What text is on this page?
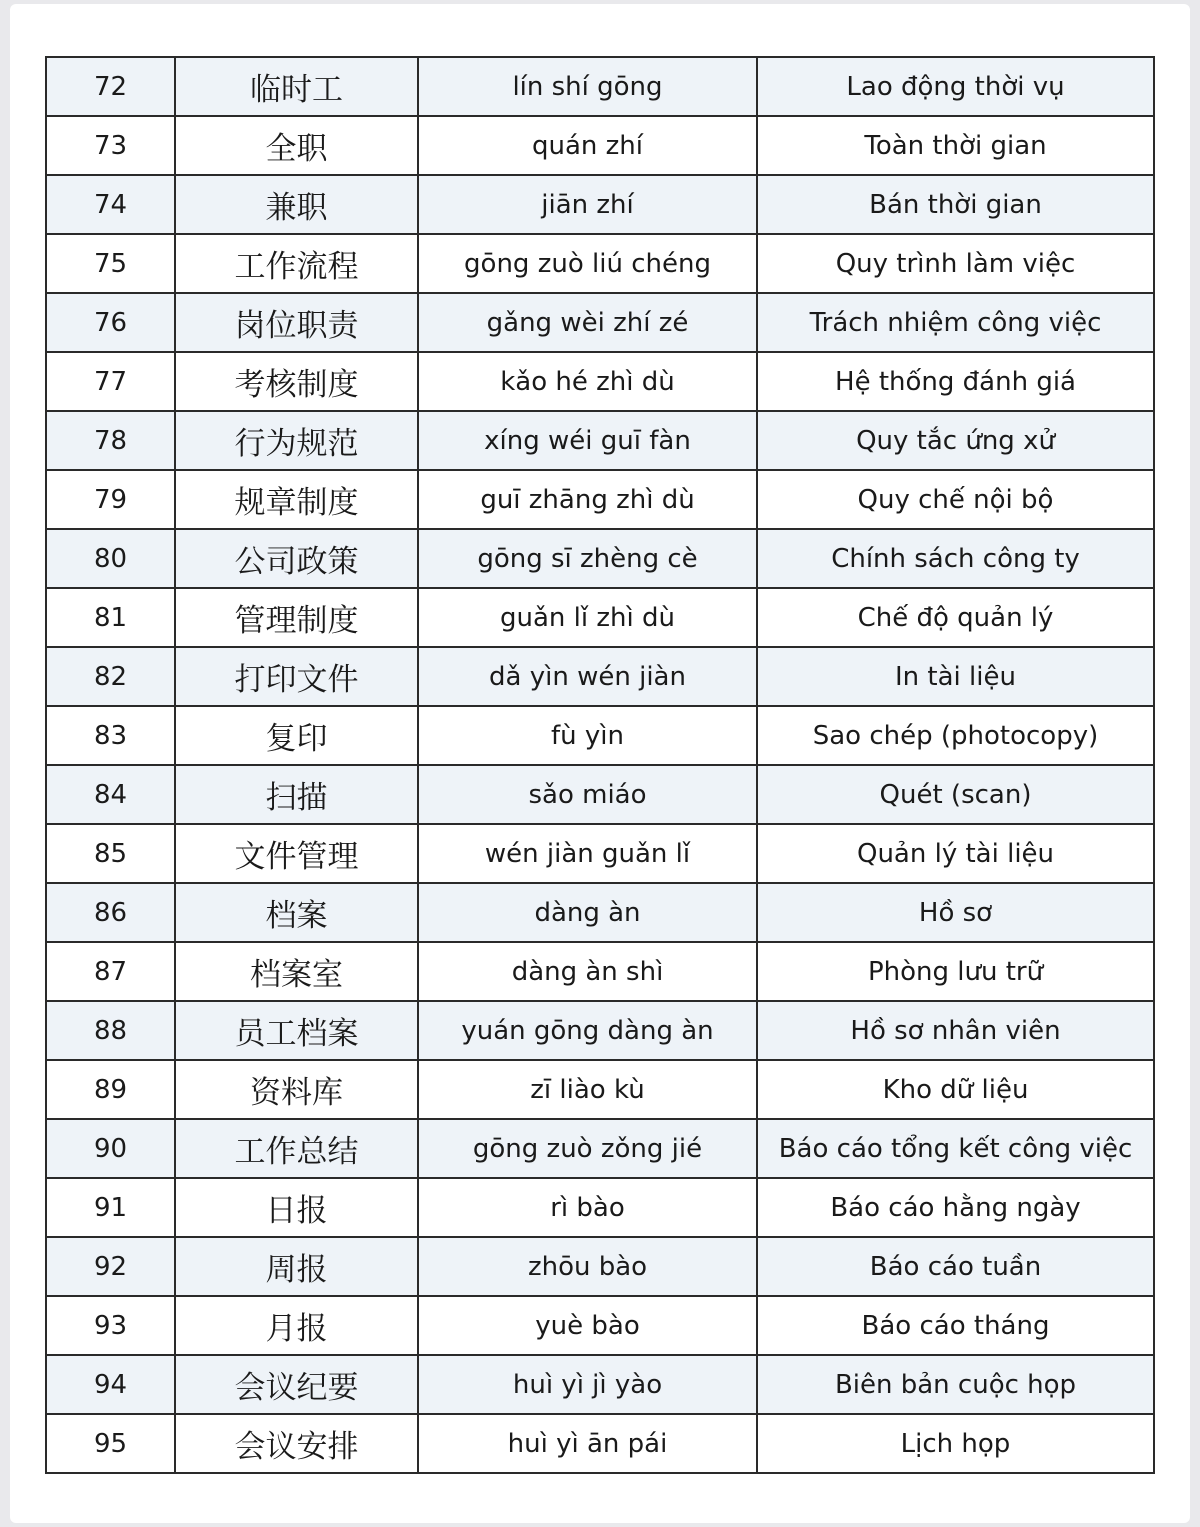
72	临时工	lín shí gōng	Lao động thời vụ
73	全职	quán zhí	Toàn thời gian
74	兼职	jiān zhí	Bán thời gian
75	工作流程	gōng zuò liú chéng	Quy trình làm việc
76	岗位职责	gǎng wèi zhí zé	Trách nhiệm công việc
77	考核制度	kǎo hé zhì dù	Hệ thống đánh giá
78	行为规范	xíng wéi guī fàn	Quy tắc ứng xử
79	规章制度	guī zhāng zhì dù	Quy chế nội bộ
80	公司政策	gōng sī zhèng cè	Chính sách công ty
81	管理制度	guǎn lǐ zhì dù	Chế độ quản lý
82	打印文件	dǎ yìn wén jiàn	In tài liệu
83	复印	fù yìn	Sao chép (photocopy)
84	扫描	sǎo miáo	Quét (scan)
85	文件管理	wén jiàn guǎn lǐ	Quản lý tài liệu
86	档案	dàng àn	Hồ sơ
87	档案室	dàng àn shì	Phòng lưu trữ
88	员工档案	yuán gōng dàng àn	Hồ sơ nhân viên
89	资料库	zī liào kù	Kho dữ liệu
90	工作总结	gōng zuò zǒng jié	Báo cáo tổng kết công việc
91	日报	rì bào	Báo cáo hằng ngày
92	周报	zhōu bào	Báo cáo tuần
93	月报	yuè bào	Báo cáo tháng
94	会议纪要	huì yì jì yào	Biên bản cuộc họp
95	会议安排	huì yì ān pái	Lịch họp
